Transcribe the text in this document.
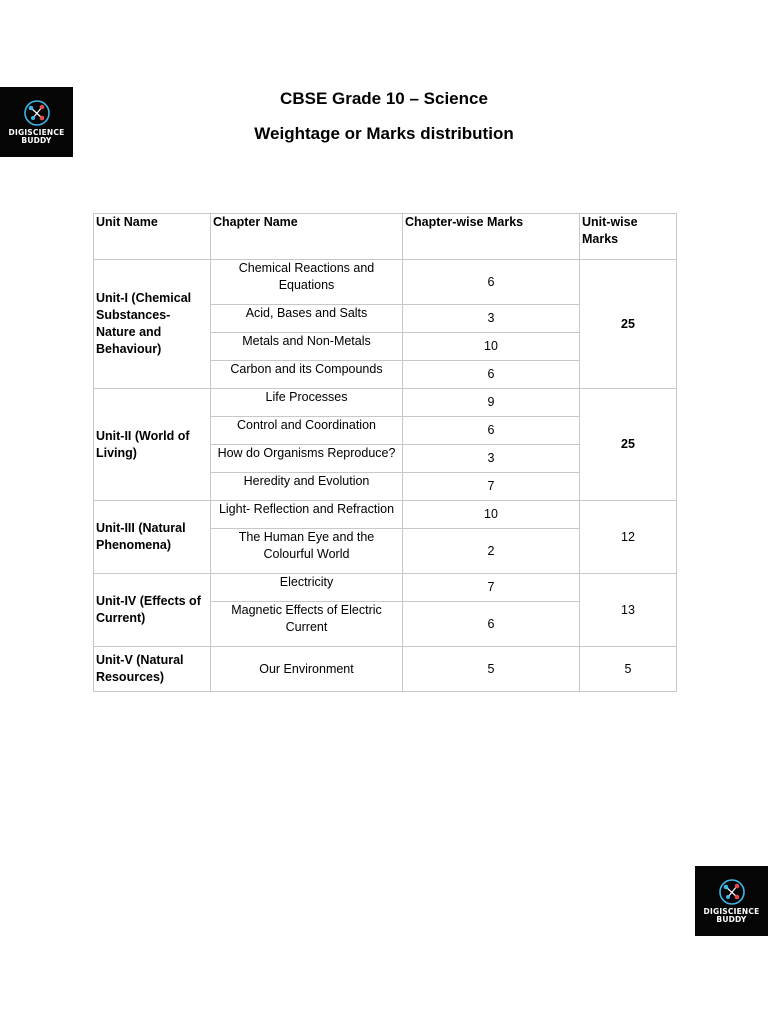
DIGISCIENCE
BUDDY
CBSE Grade 10 – Science
Weightage or Marks distribution
Unit Name	Chapter Name	Chapter-wise Marks	Unit-wise Marks
Unit-I (Chemical Substances- Nature and Behaviour)	Chemical Reactions and Equations	6	25
	Acid, Bases and Salts	3	
	Metals and Non-Metals	10	
	Carbon and its Compounds	6	
Unit-II (World of Living)	Life Processes	9	25
	Control and Coordination	6	
	How do Organisms Reproduce?	3	
	Heredity and Evolution	7	
Unit-III (Natural Phenomena)	Light- Reflection and Refraction	10	12
	The Human Eye and the Colourful World	2	
Unit-IV (Effects of Current)	Electricity	7	13
	Magnetic Effects of Electric Current	6	
Unit-V (Natural Resources)	Our Environment	5	5
DIGISCIENCE
BUDDY
